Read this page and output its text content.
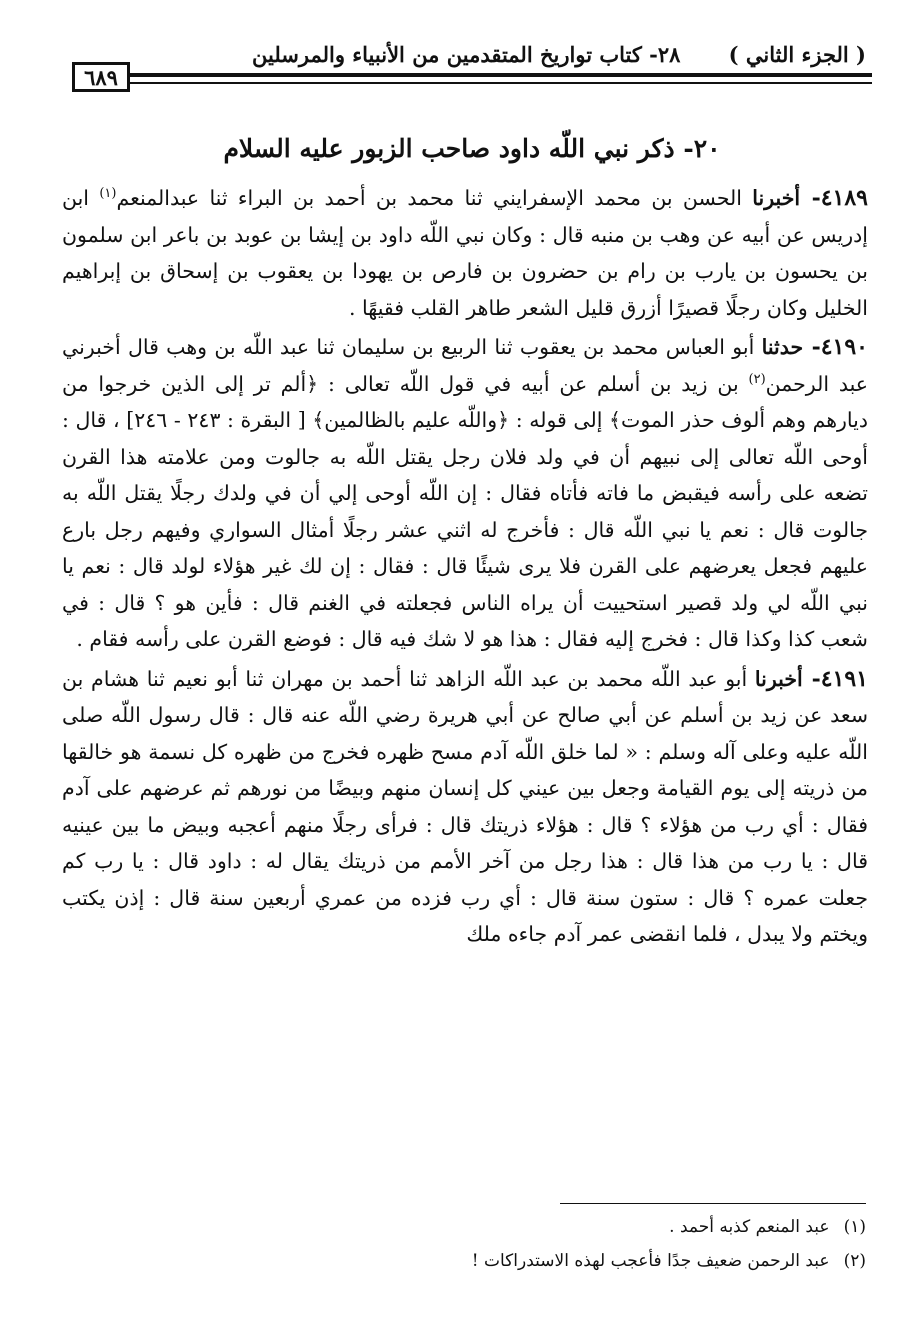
٢٨- كتاب تواريخ المتقدمين من الأنبياء والمرسلين ( الجزء الثاني )
٦٨٩
٢٠- ذكر نبي اللّه داود صاحب الزبور عليه السلام

٤١٨٩- أخبرنا الحسن بن محمد الإسفرايني ثنا محمد بن أحمد بن البراء ثنا عبدالمنعم$^{(١)}$ ابن إدريس عن أبيه عن وهب بن منبه قال : وكان نبي اللّه داود بن إيشا بن عوبد بن باعر ابن سلمون بن يحسون بن يارب بن رام بن حضرون بن فارص بن يهودا بن يعقوب بن إسحاق بن إبراهيم الخليل وكان رجلًا قصيرًا أزرق قليل الشعر طاهر القلب فقيهًا .

٤١٩٠- حدثنا أبو العباس محمد بن يعقوب ثنا الربيع بن سليمان ثنا عبد اللّه بن وهب قال أخبرني عبد الرحمن$^{(٢)}$ بن زيد بن أسلم عن أبيه في قول اللّه تعالى : ﴿ألم تر إلى الذين خرجوا من ديارهم وهم ألوف حذر الموت﴾ إلى قوله : ﴿واللّه عليم بالظالمين﴾ [ البقرة : ٢٤٣ - ٢٤٦] ، قال : أوحى اللّه تعالى إلى نبيهم أن في ولد فلان رجل يقتل اللّه به جالوت ومن علامته هذا القرن تضعه على رأسه فيقبض ما فاته فأتاه فقال : إن اللّه أوحى إلي أن في ولدك رجلًا يقتل اللّه به جالوت قال : نعم يا نبي اللّه قال : فأخرج له اثني عشر رجلًا أمثال السواري وفيهم رجل بارع عليهم فجعل يعرضهم على القرن فلا يرى شيئًا قال : فقال : إن لك غير هؤلاء لولد قال : نعم يا نبي اللّه لي ولد قصير استحييت أن يراه الناس فجعلته في الغنم قال : فأين هو ؟ قال : في شعب كذا وكذا قال : فخرج إليه فقال : هذا هو لا شك فيه قال : فوضع القرن على رأسه فقام .

٤١٩١- أخبرنا أبو عبد اللّه محمد بن عبد اللّه الزاهد ثنا أحمد بن مهران ثنا أبو نعيم ثنا هشام بن سعد عن زيد بن أسلم عن أبي صالح عن أبي هريرة رضي اللّه عنه قال : قال رسول اللّه صلى اللّه عليه وعلى آله وسلم : « لما خلق اللّه آدم مسح ظهره فخرج من ظهره كل نسمة هو خالقها من ذريته إلى يوم القيامة وجعل بين عيني كل إنسان منهم وبيضًا من نورهم ثم عرضهم على آدم فقال : أي رب من هؤلاء ؟ قال : هؤلاء ذريتك قال : فرأى رجلًا منهم أعجبه وبيض ما بين عينيه قال : يا رب من هذا قال : هذا رجل من آخر الأمم من ذريتك يقال له : داود قال : يا رب كم جعلت عمره ؟ قال : ستون سنة قال : أي رب فزده من عمري أربعين سنة قال : إذن يكتب ويختم ولا يبدل ، فلما انقضى عمر آدم جاءه ملك

(١)عبد المنعم كذبه أحمد .
(٢)عبد الرحمن ضعيف جدًا فأعجب لهذه الاستدراكات !
